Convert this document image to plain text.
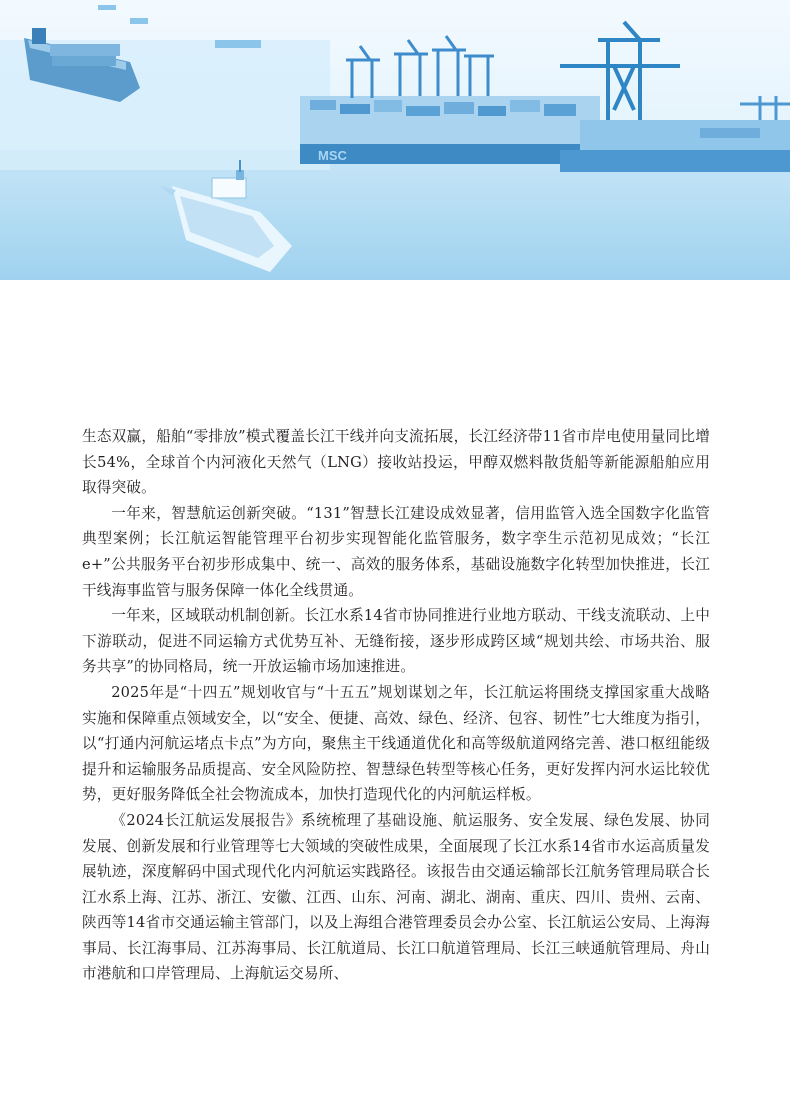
MSC

生态双赢，船舶“零排放”模式覆盖长江干线并向支流拓展，长江经济带11省市岸电使用量同比增长54%，全球首个内河液化天然气（LNG）接收站投运，甲醇双燃料散货船等新能源船舶应用取得突破。

一年来，智慧航运创新突破。“131”智慧长江建设成效显著，信用监管入选全国数字化监管典型案例；长江航运智能管理平台初步实现智能化监管服务，数字孪生示范初见成效；“长江e+”公共服务平台初步形成集中、统一、高效的服务体系，基础设施数字化转型加快推进，长江干线海事监管与服务保障一体化全线贯通。

一年来，区域联动机制创新。长江水系14省市协同推进行业地方联动、干线支流联动、上中下游联动，促进不同运输方式优势互补、无缝衔接，逐步形成跨区域“规划共绘、市场共治、服务共享”的协同格局，统一开放运输市场加速推进。

2025年是“十四五”规划收官与“十五五”规划谋划之年，长江航运将围绕支撑国家重大战略实施和保障重点领域安全，以“安全、便捷、高效、绿色、经济、包容、韧性”七大维度为指引，以“打通内河航运堵点卡点”为方向，聚焦主干线通道优化和高等级航道网络完善、港口枢纽能级提升和运输服务品质提高、安全风险防控、智慧绿色转型等核心任务，更好发挥内河水运比较优势，更好服务降低全社会物流成本，加快打造现代化的内河航运样板。

《2024长江航运发展报告》系统梳理了基础设施、航运服务、安全发展、绿色发展、协同发展、创新发展和行业管理等七大领域的突破性成果，全面展现了长江水系14省市水运高质量发展轨迹，深度解码中国式现代化内河航运实践路径。该报告由交通运输部长江航务管理局联合长江水系上海、江苏、浙江、安徽、江西、山东、河南、湖北、湖南、重庆、四川、贵州、云南、陕西等14省市交通运输主管部门，以及上海组合港管理委员会办公室、长江航运公安局、上海海事局、长江海事局、江苏海事局、长江航道局、长江口航道管理局、长江三峡通航管理局、舟山市港航和口岸管理局、上海航运交易所、
